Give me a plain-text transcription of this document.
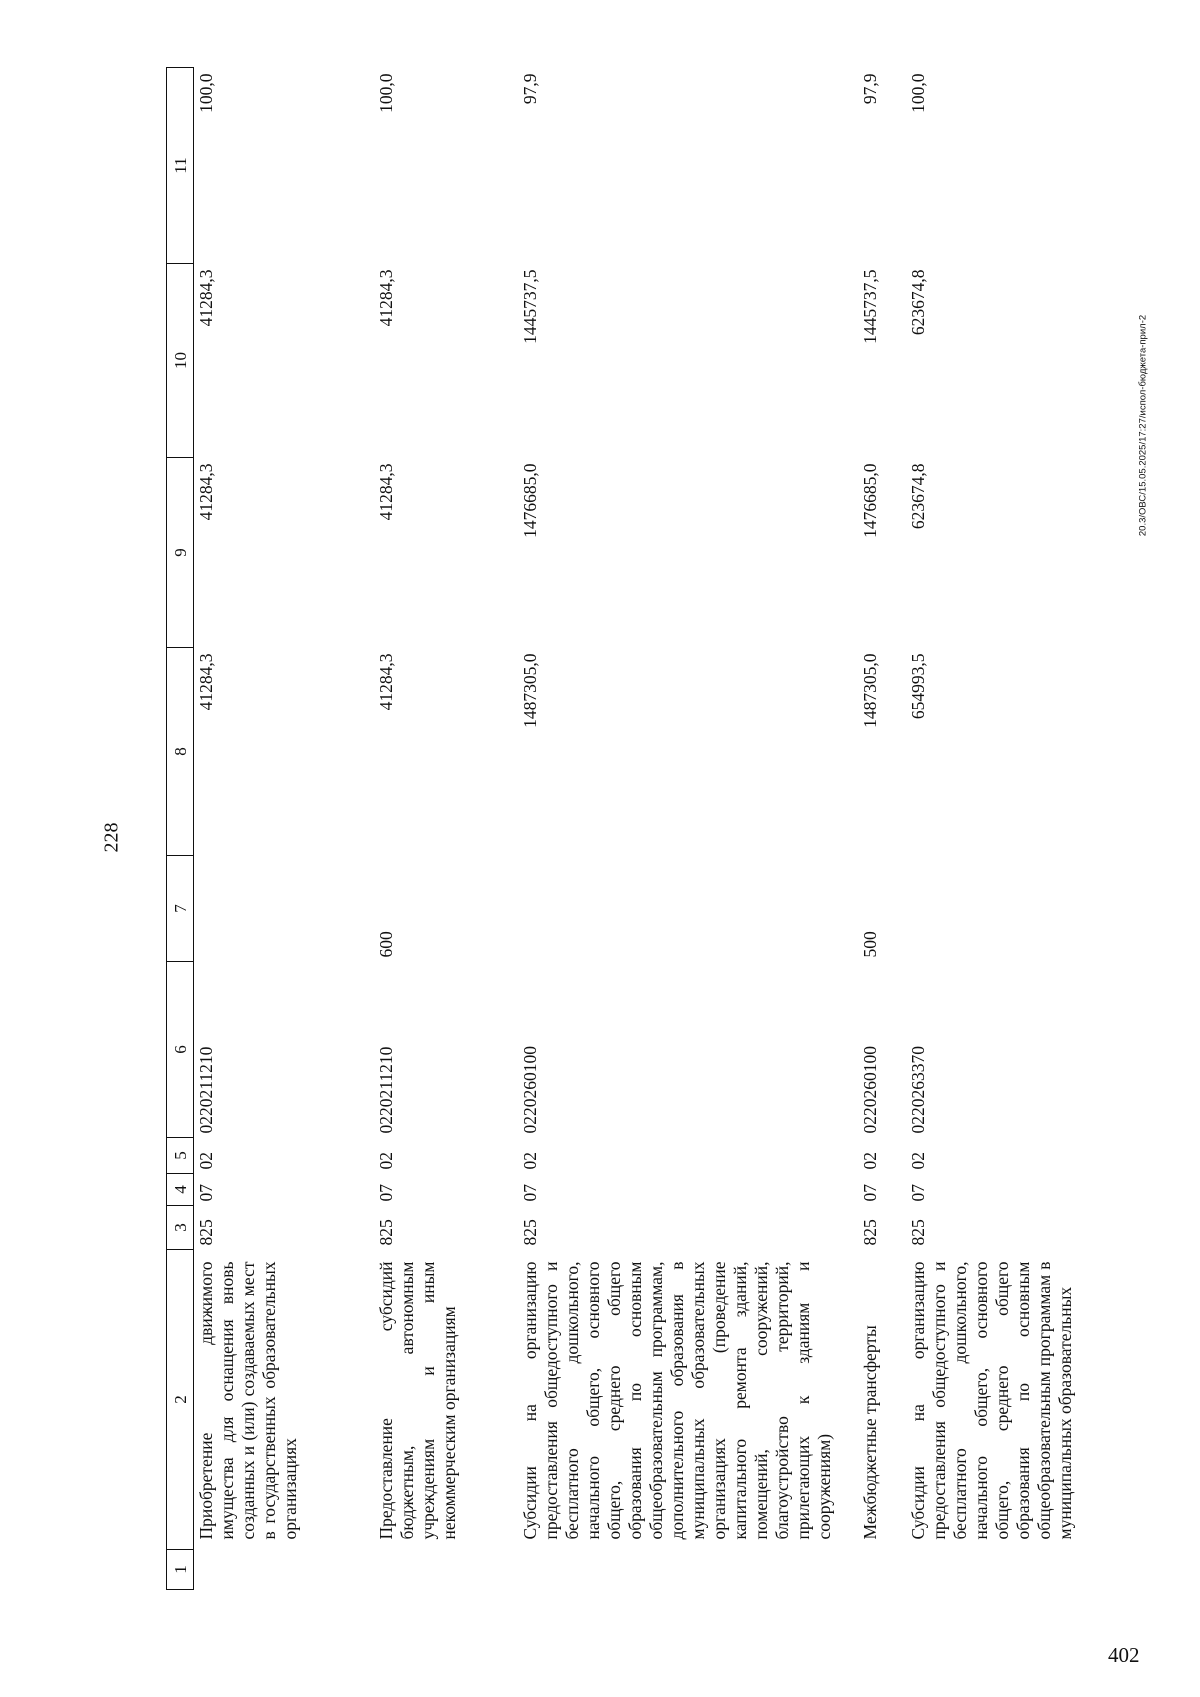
228
20.3/ОВС/15.05.2025/17:27/испол-бюджета-прил-2
402
1	2	3	4	5	6	7	8	9	10	11
	Приобретение движимого имущества для оснащения вновь созданных и (или) создаваемых мест в государственных образовательных организациях	825	07	02	0220211210		41284,3	41284,3	41284,3	100,0
	Предоставление субсидий бюджетным, автономным учреждениям и иным некоммерческим организациям	825	07	02	0220211210	600	41284,3	41284,3	41284,3	100,0
	Субсидии на организацию предоставления общедоступного и бесплатного дошкольного, начального общего, основного общего, среднего общего образования по основным общеобразовательным программам, дополнительного образования в муниципальных образовательных организациях (проведение капитального ремонта зданий, помещений, сооружений, благоустройство территорий, прилегающих к зданиям и сооружениям)	825	07	02	0220260100		1487305,0	1476685,0	1445737,5	97,9
	Межбюджетные трансферты	825	07	02	0220260100	500	1487305,0	1476685,0	1445737,5	97,9
	Субсидии на организацию предоставления общедоступного и бесплатного дошкольного, начального общего, основного общего, среднего общего образования по основным общеобразовательным программам в муниципальных образовательных	825	07	02	0220263370		654993,5	623674,8	623674,8	100,0
